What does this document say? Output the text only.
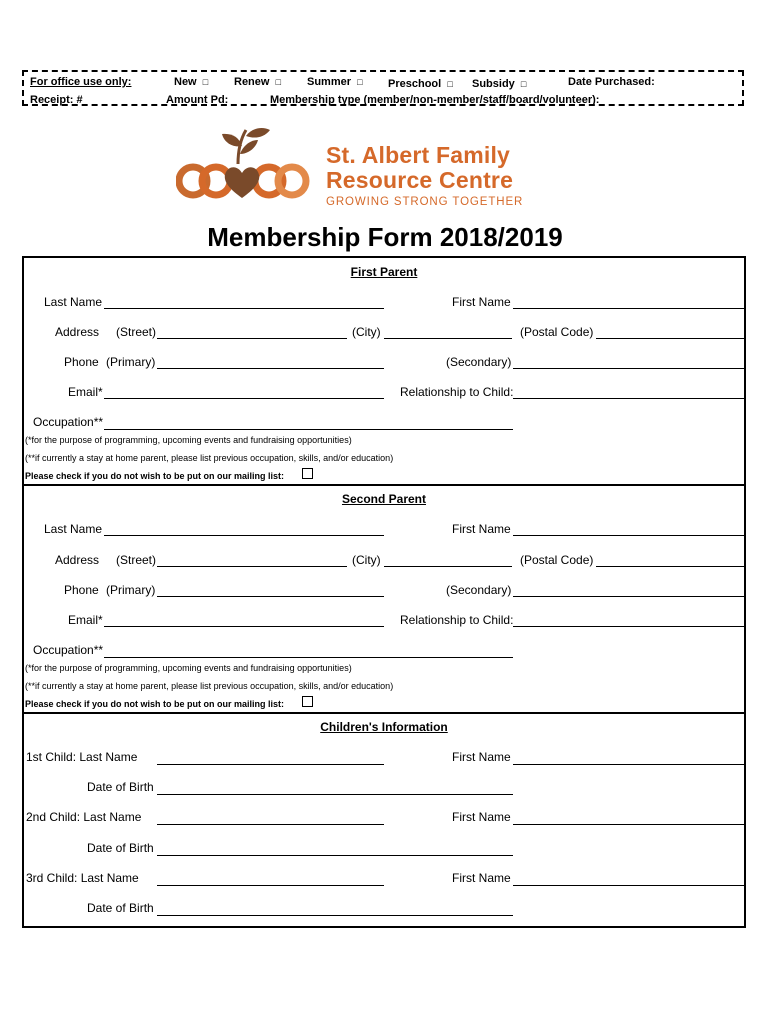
For office use only:
Receipt: #
New □ Renew □ Summer □ Preschool □ Subsidy □	Date Purchased:
Amount Pd:	Membership type (member/non-member/staff/board/volunteer):
St. Albert Family
Resource Centre
GROWING STRONG TOGETHER
Membership Form 2018/2019
First Parent
Last Name	First Name
Address (Street)	(City)	(Postal Code)
Phone (Primary)	(Secondary)
Email*	Relationship to Child:
Occupation**
(*for the purpose of programming, upcoming events and fundraising opportunities)
(**if currently a stay at home parent, please list previous occupation, skills, and/or education)
Please check if you do not wish to be put on our mailing list:
Second Parent
Last Name	First Name
Address (Street)	(City)	(Postal Code)
Phone (Primary)	(Secondary)
Email*	Relationship to Child:
Occupation**
(*for the purpose of programming, upcoming events and fundraising opportunities)
(**if currently a stay at home parent, please list previous occupation, skills, and/or education)
Please check if you do not wish to be put on our mailing list:
Children's Information
1st Child: Last Name	First Name
Date of Birth
2nd Child: Last Name	First Name
Date of Birth
3rd Child: Last Name	First Name
Date of Birth
